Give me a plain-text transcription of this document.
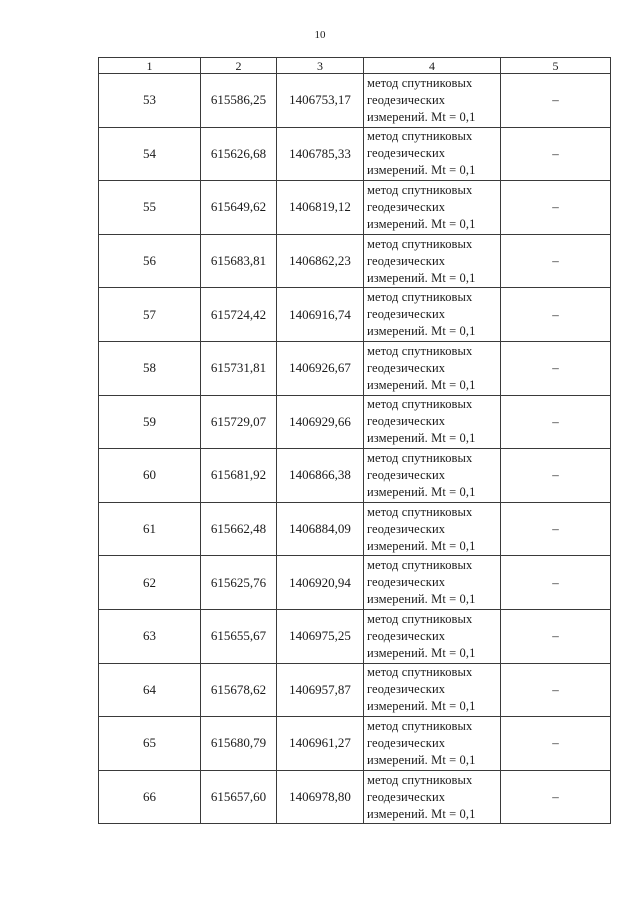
10
1	2	3	4	5
53	615586,25	1406753,17	метод спутниковых
геодезических
измерений. Mt = 0,1	–
54	615626,68	1406785,33	метод спутниковых
геодезических
измерений. Mt = 0,1	–
55	615649,62	1406819,12	метод спутниковых
геодезических
измерений. Mt = 0,1	–
56	615683,81	1406862,23	метод спутниковых
геодезических
измерений. Mt = 0,1	–
57	615724,42	1406916,74	метод спутниковых
геодезических
измерений. Mt = 0,1	–
58	615731,81	1406926,67	метод спутниковых
геодезических
измерений. Mt = 0,1	–
59	615729,07	1406929,66	метод спутниковых
геодезических
измерений. Mt = 0,1	–
60	615681,92	1406866,38	метод спутниковых
геодезических
измерений. Mt = 0,1	–
61	615662,48	1406884,09	метод спутниковых
геодезических
измерений. Mt = 0,1	–
62	615625,76	1406920,94	метод спутниковых
геодезических
измерений. Mt = 0,1	–
63	615655,67	1406975,25	метод спутниковых
геодезических
измерений. Mt = 0,1	–
64	615678,62	1406957,87	метод спутниковых
геодезических
измерений. Mt = 0,1	–
65	615680,79	1406961,27	метод спутниковых
геодезических
измерений. Mt = 0,1	–
66	615657,60	1406978,80	метод спутниковых
геодезических
измерений. Mt = 0,1	–
